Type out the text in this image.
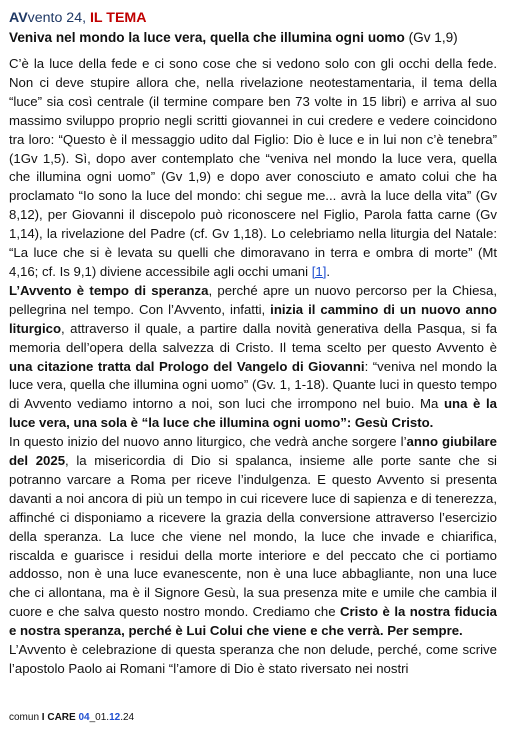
AVvento 24, IL TEMA

Veniva nel mondo la luce vera, quella che illumina ogni uomo (Gv 1,9)

C’è la luce della fede e ci sono cose che si vedono solo con gli occhi della fede. Non ci deve stupire allora che, nella rivelazione neotestamentaria, il tema della “luce” sia così centrale (il termine compare ben 73 volte in 15 libri) e arriva al suo massimo sviluppo proprio negli scritti giovannei in cui credere e vedere coincidono tra loro: “Questo è il messaggio udito dal Figlio: Dio è luce e in lui non c’è tenebra” (1Gv 1,5). Sì, dopo aver contemplato che “veniva nel mondo la luce vera, quella che illumina ogni uomo” (Gv 1,9) e dopo aver conosciuto e amato colui che ha proclamato “Io sono la luce del mondo: chi segue me... avrà la luce della vita” (Gv 8,12), per Giovanni il discepolo può riconoscere nel Figlio, Parola fatta carne (Gv 1,14), la rivelazione del Padre (cf. Gv 1,18). Lo celebriamo nella liturgia del Natale: “La luce che si è levata su quelli che dimoravano in terra e ombra di morte” (Mt 4,16; cf. Is 9,1) diviene accessibile agli occhi umani [1].

L’Avvento è tempo di speranza, perché apre un nuovo percorso per la Chiesa, pellegrina nel tempo. Con l’Avvento, infatti, inizia il cammino di un nuovo anno liturgico, attraverso il quale, a partire dalla novità generativa della Pasqua, si fa memoria dell’opera della salvezza di Cristo. Il tema scelto per questo Avvento è una citazione tratta dal Prologo del Vangelo di Giovanni: “veniva nel mondo la luce vera, quella che illumina ogni uomo” (Gv. 1, 1-18). Quante luci in questo tempo di Avvento vediamo intorno a noi, son luci che irrompono nel buio. Ma una è la luce vera, una sola è “la luce che illumina ogni uomo”: Gesù Cristo.

In questo inizio del nuovo anno liturgico, che vedrà anche sorgere l’anno giubilare del 2025, la misericordia di Dio si spalanca, insieme alle porte sante che si potranno varcare a Roma per riceve l’indulgenza. E questo Avvento si presenta davanti a noi ancora di più un tempo in cui ricevere luce di sapienza e di tenerezza, affinché ci disponiamo a ricevere la grazia della conversione attraverso l’esercizio della speranza. La luce che viene nel mondo, la luce che invade e chiarifica, riscalda e guarisce i residui della morte interiore e del peccato che ci portiamo addosso, non è una luce evanescente, non è una luce abbagliante, non una luce che ci allontana, ma è il Signore Gesù, la sua presenza mite e umile che cambia il cuore e che salva questo nostro mondo. Crediamo che Cristo è la nostra fiducia e nostra speranza, perché è Lui Colui che viene e che verrà. Per sempre.

L’Avvento è celebrazione di questa speranza che non delude, perché, come scrive l’apostolo Paolo ai Romani “l’amore di Dio è stato riversato nei nostri

comun I CARE 04_01.12.24
